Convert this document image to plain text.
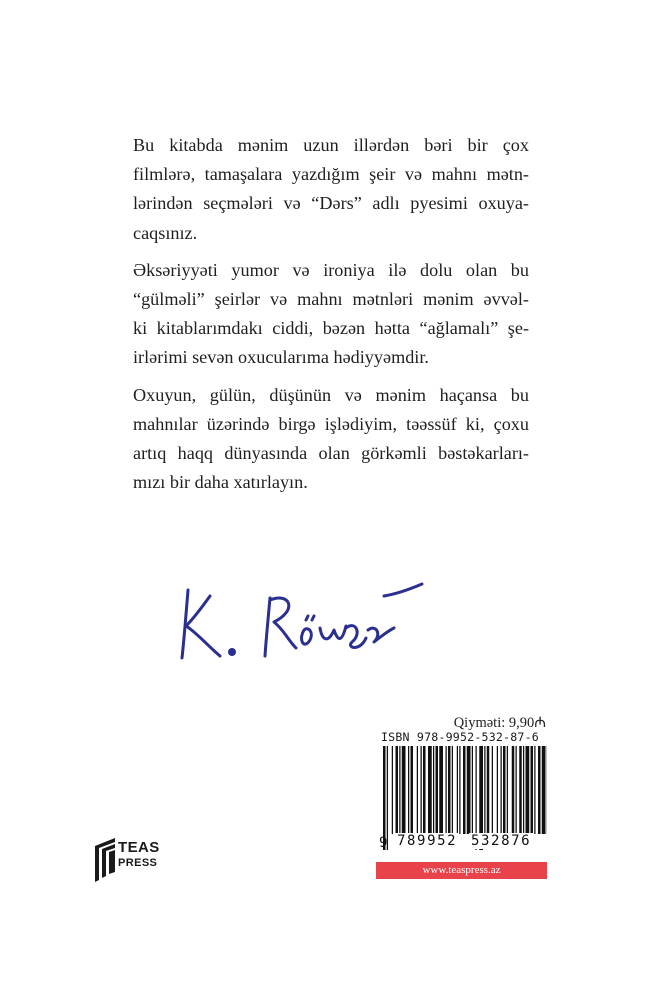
Bu kitabda mənim uzun illərdən bəri bir çox
filmlərə, tamaşalara yazdığım şeir və mahnı mətn-
lərindən seçmələri və “Dərs” adlı pyesimi oxuya-
caqsınız.

Əksəriyyəti yumor və ironiya ilə dolu olan bu
“gülməli” şeirlər və mahnı mətnləri mənim əvvəl-
ki kitablarımdakı ciddi, bəzən hətta “ağlamalı” şe-
irlərimi sevən oxucularıma hədiyyəmdir.

Oxuyun, gülün, düşünün və mənim haçansa bu
mahnılar üzərində birgə işlədiyim, təəssüf ki, çoxu
artıq haqq dünyasında olan görkəmli bəstəkarları-
mızı bir daha xatırlayın.

Qiymәti: 9,90₼
ISBN 978-9952-532-87-6
9 789952 532876
www.teaspress.az
TEAS
PRESS
